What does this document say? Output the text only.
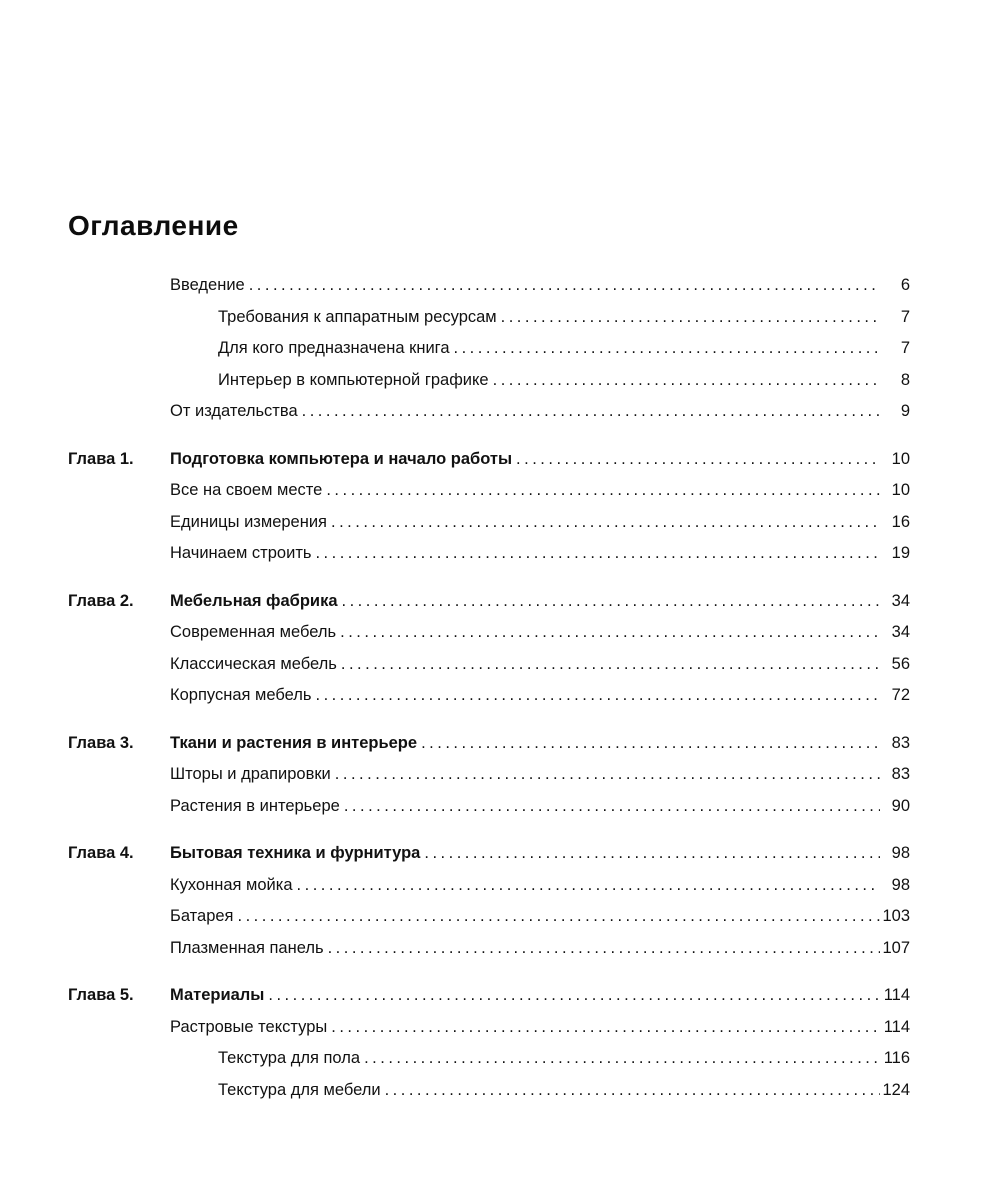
Оглавление
Введение .....	6
Требования к аппаратным ресурсам .....	7
Для кого предназначена книга .....	7
Интерьер в компьютерной графике .....	8
От издательства .....	9
Глава 1.	Подготовка компьютера и начало работы .....	10
Все на своем месте .....	10
Единицы измерения .....	16
Начинаем строить .....	19
Глава 2.	Мебельная фабрика .....	34
Современная мебель .....	34
Классическая мебель .....	56
Корпусная мебель .....	72
Глава 3.	Ткани и растения в интерьере .....	83
Шторы и драпировки .....	83
Растения в интерьере .....	90
Глава 4.	Бытовая техника и фурнитура .....	98
Кухонная мойка .....	98
Батарея .....	103
Плазменная панель .....	107
Глава 5.	Материалы .....	114
Растровые текстуры .....	114
Текстура для пола .....	116
Текстура для мебели .....	124
